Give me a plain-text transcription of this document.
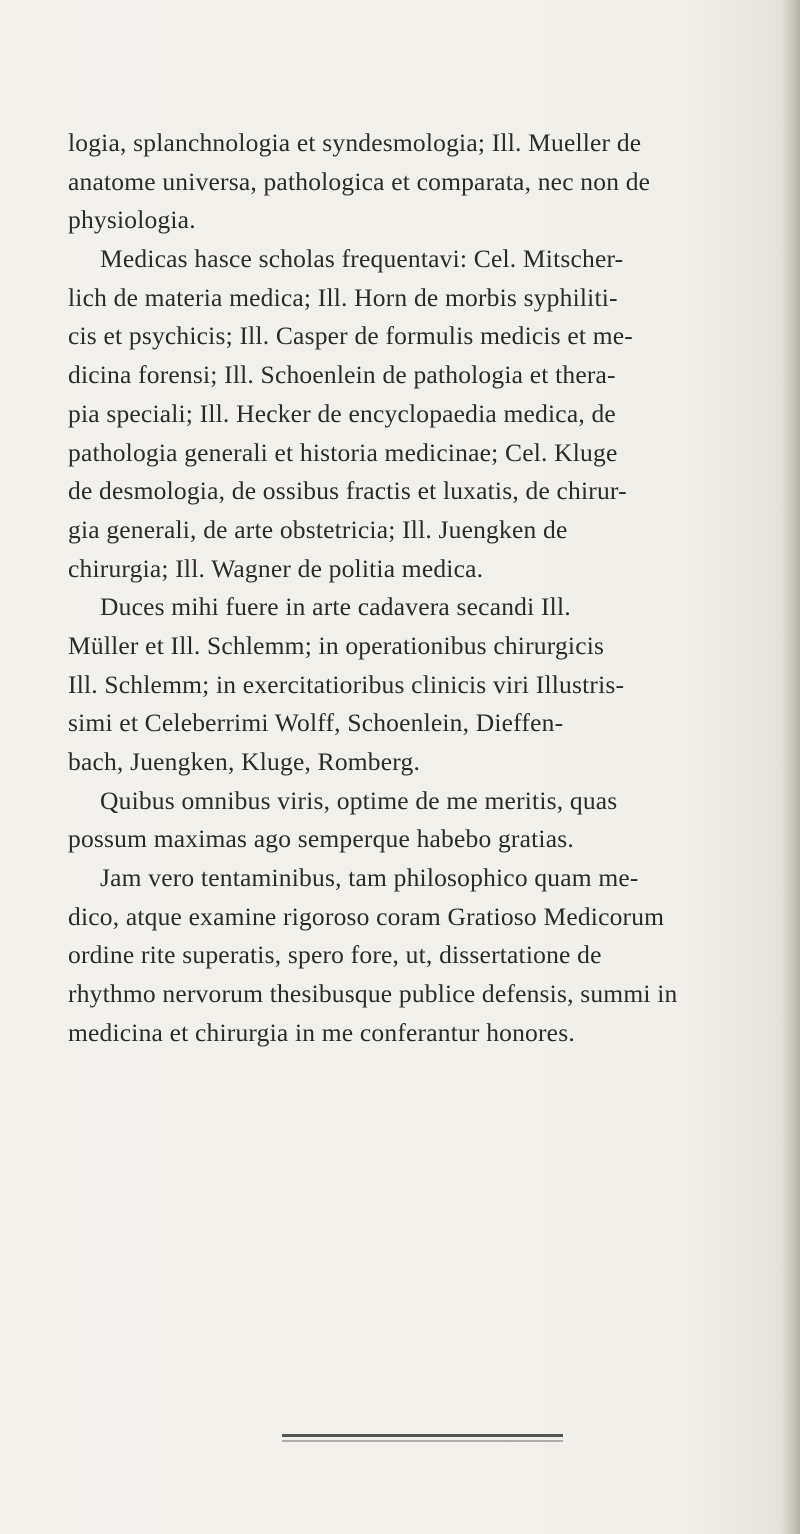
logia, splanchnologia et syndesmologia; Ill. Mueller de
anatome universa, pathologica et comparata, nec non de
physiologia.
Medicas hasce scholas frequentavi: Cel. Mitscher-
lich de materia medica; Ill. Horn de morbis syphiliti-
cis et psychicis; Ill. Casper de formulis medicis et me-
dicina forensi; Ill. Schoenlein de pathologia et thera-
pia speciali; Ill. Hecker de encyclopaedia medica, de
pathologia generali et historia medicinae; Cel. Kluge
de desmologia, de ossibus fractis et luxatis, de chirur-
gia generali, de arte obstetricia; Ill. Juengken de
chirurgia; Ill. Wagner de politia medica.
Duces mihi fuere in arte cadavera secandi Ill.
Müller et Ill. Schlemm; in operationibus chirurgicis
Ill. Schlemm; in exercitatioribus clinicis viri Illustris-
simi et Celeberrimi Wolff, Schoenlein, Dieffen-
bach, Juengken, Kluge, Romberg.
Quibus omnibus viris, optime de me meritis, quas
possum maximas ago semperque habebo gratias.
Jam vero tentaminibus, tam philosophico quam me-
dico, atque examine rigoroso coram Gratioso Medicorum
ordine rite superatis, spero fore, ut, dissertatione de
rhythmo nervorum thesibusque publice defensis, summi in
medicina et chirurgia in me conferantur honores.
